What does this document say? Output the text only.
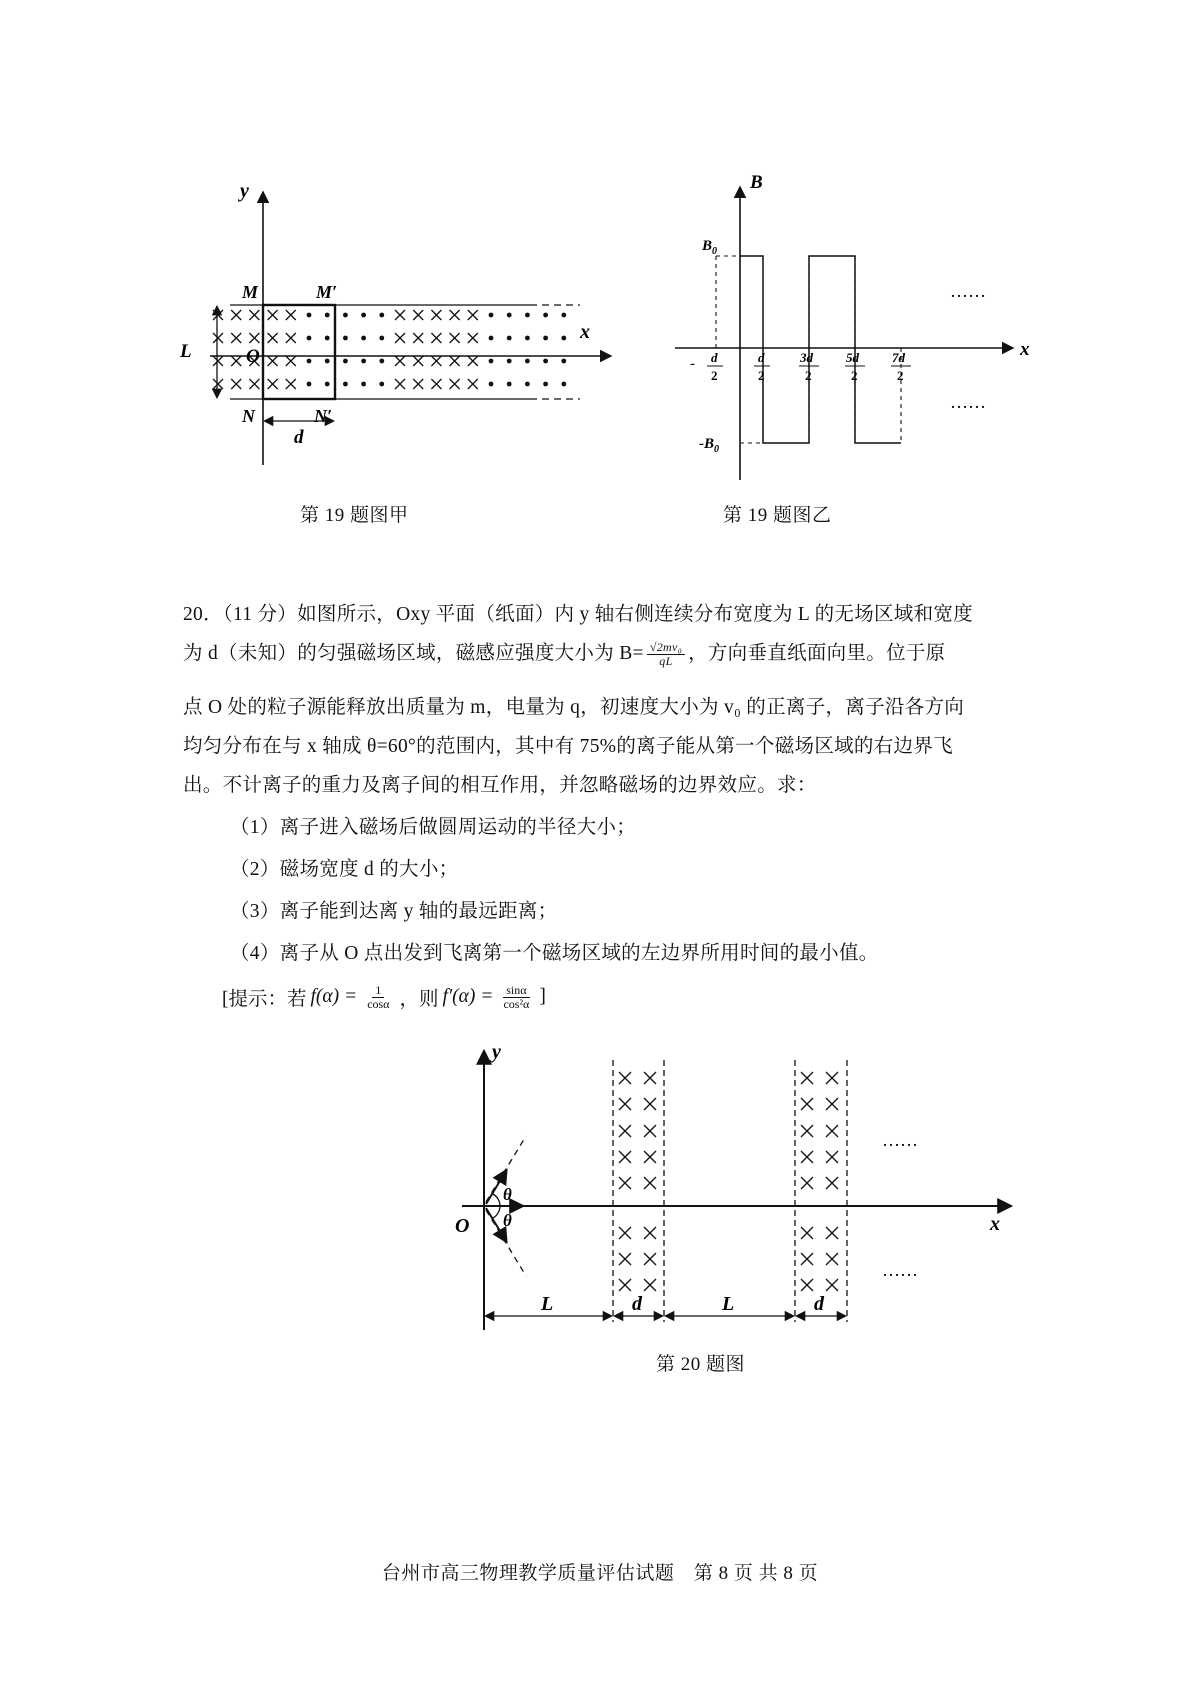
y
x
M	M′
N	N′
L	O
d
第 19 题图甲
B
x
$B_0$
$-B_0$
- d
2
d
2
3d
2
5d
2
7d
2
……
……
第 19 题图乙
20．（11 分）如图所示，Oxy 平面（纸面）内 y 轴右侧连续分布宽度为 L 的无场区域和宽度
为 d（未知）的匀强磁场区域，磁感应强度大小为 $B= \frac{\text{√2mv₀}}{qL}$ ，方向垂直纸面向里。位于原
点 O 处的粒子源能释放出质量为 m，电量为 q，初速度大小为 v₀ 的正离子，离子沿各方向
均匀分布在与 x 轴成 θ=60°的范围内，其中有 75%的离子能从第一个磁场区域的右边界飞
出。不计离子的重力及离子间的相互作用，并忽略磁场的边界效应。求：
（1）离子进入磁场后做圆周运动的半径大小；
（2）磁场宽度 d 的大小；
（3）离子能到达离 y 轴的最远距离；
（4）离子从 O 点出发到飞离第一个磁场区域的左边界所用时间的最小值。
[提示：若 $f(\alpha) = \frac{1}{\cos\alpha}$ ，则 $f'(\alpha) = \frac{\sin\alpha}{\text{cos²α}}$ ]
y
x
O
θ
θ
L	d	L	d
……
……
第 20 题图
台州市高三物理教学质量评估试题　第 8 页 共 8 页
